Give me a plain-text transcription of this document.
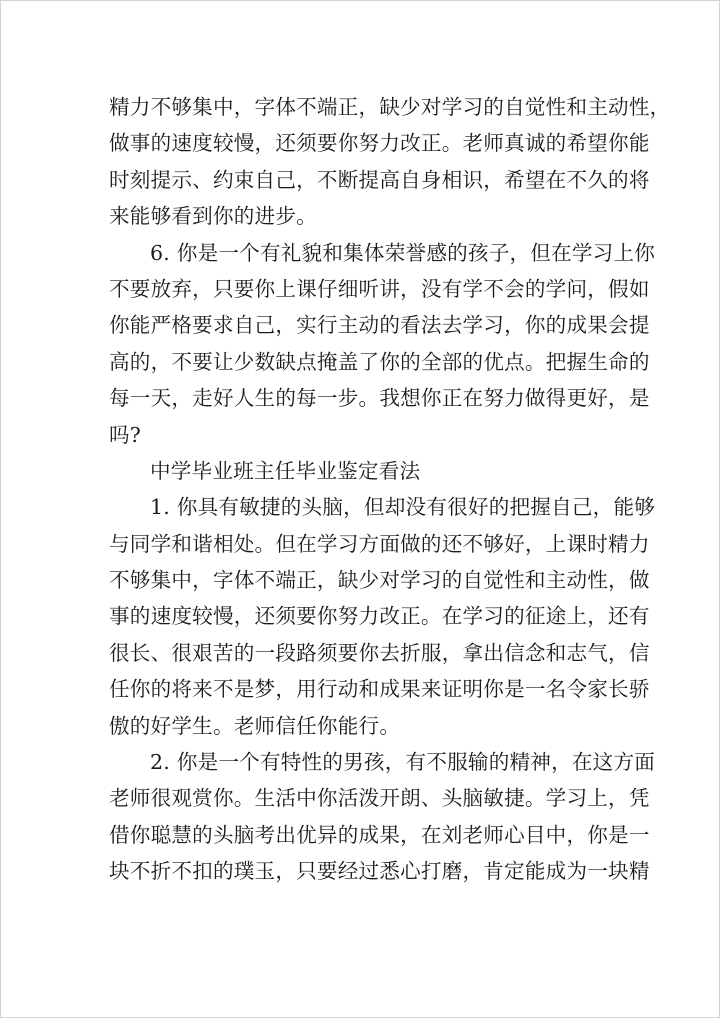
精力不够集中，字体不端正，缺少对学习的自觉性和主动性，
做事的速度较慢，还须要你努力改正。老师真诚的希望你能
时刻提示、约束自己，不断提高自身相识，希望在不久的将
来能够看到你的进步。
6. 你是一个有礼貌和集体荣誉感的孩子，但在学习上你
不要放弃，只要你上课仔细听讲，没有学不会的学问，假如
你能严格要求自己，实行主动的看法去学习，你的成果会提
高的，不要让少数缺点掩盖了你的全部的优点。把握生命的
每一天，走好人生的每一步。我想你正在努力做得更好，是
吗?
中学毕业班主任毕业鉴定看法
1. 你具有敏捷的头脑，但却没有很好的把握自己，能够
与同学和谐相处。但在学习方面做的还不够好，上课时精力
不够集中，字体不端正，缺少对学习的自觉性和主动性，做
事的速度较慢，还须要你努力改正。在学习的征途上，还有
很长、很艰苦的一段路须要你去折服，拿出信念和志气，信
任你的将来不是梦，用行动和成果来证明你是一名令家长骄
傲的好学生。老师信任你能行。
2. 你是一个有特性的男孩，有不服输的精神，在这方面
老师很观赏你。生活中你活泼开朗、头脑敏捷。学习上，凭
借你聪慧的头脑考出优异的成果，在刘老师心目中，你是一
块不折不扣的璞玉，只要经过悉心打磨，肯定能成为一块精
